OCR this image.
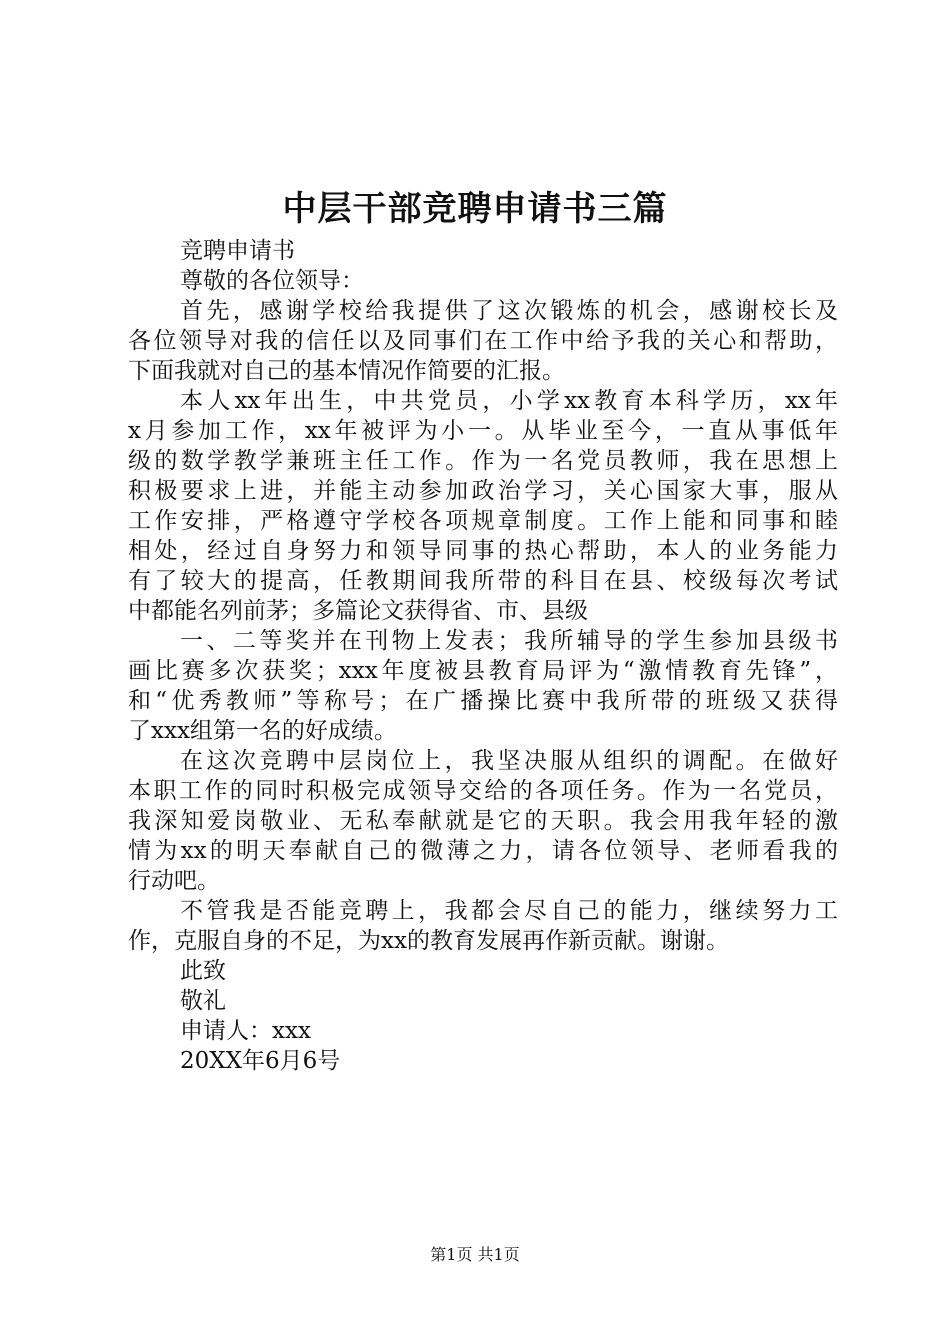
中层干部竞聘申请书三篇
竞聘申请书
尊敬的各位领导：
首先，感谢学校给我提供了这次锻炼的机会，感谢校长及
各位领导对我的信任以及同事们在工作中给予我的关心和帮助，
下面我就对自己的基本情况作简要的汇报。
本人xx年出生，中共党员，小学xx教育本科学历，xx年
x月参加工作，xx年被评为小一。从毕业至今，一直从事低年
级的数学教学兼班主任工作。作为一名党员教师，我在思想上
积极要求上进，并能主动参加政治学习，关心国家大事，服从
工作安排，严格遵守学校各项规章制度。工作上能和同事和睦
相处，经过自身努力和领导同事的热心帮助，本人的业务能力
有了较大的提高，任教期间我所带的科目在县、校级每次考试
中都能名列前茅；多篇论文获得省、市、县级
一、二等奖并在刊物上发表；我所辅导的学生参加县级书
画比赛多次获奖；xxx年度被县教育局评为“激情教育先锋”，
和“优秀教师”等称号；在广播操比赛中我所带的班级又获得
了xxx组第一名的好成绩。
在这次竞聘中层岗位上，我坚决服从组织的调配。在做好
本职工作的同时积极完成领导交给的各项任务。作为一名党员，
我深知爱岗敬业、无私奉献就是它的天职。我会用我年轻的激
情为xx的明天奉献自己的微薄之力，请各位领导、老师看我的
行动吧。
不管我是否能竞聘上，我都会尽自己的能力，继续努力工
作，克服自身的不足，为xx的教育发展再作新贡献。谢谢。
此致
敬礼
申请人：xxx
20XX年6月6号
第1页 共1页
